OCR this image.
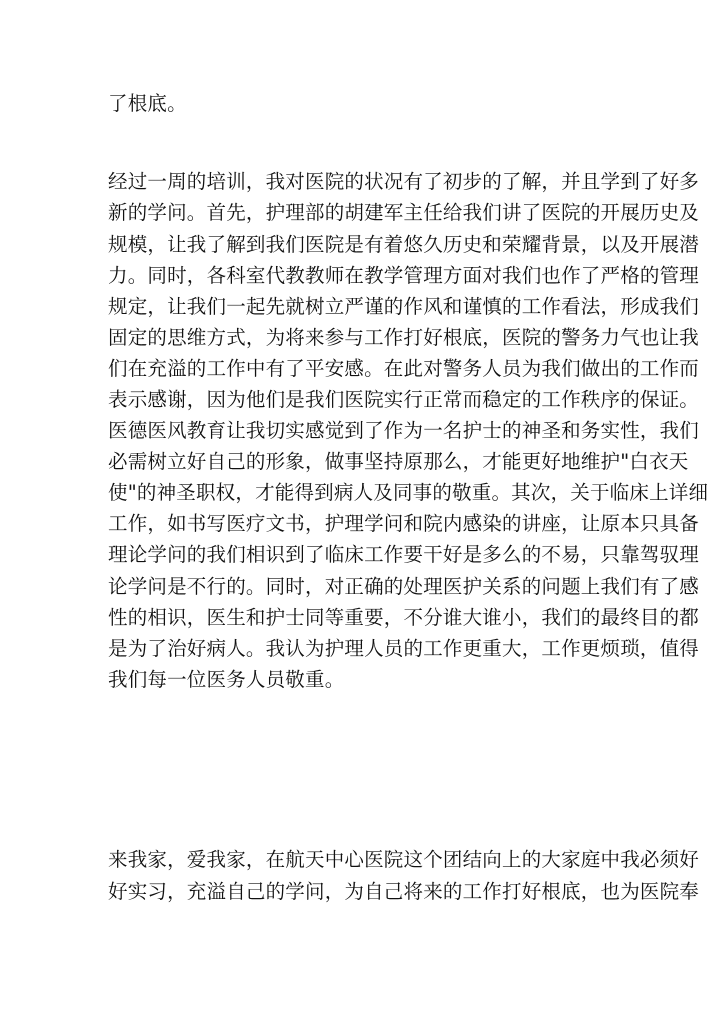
了根底。
经过一周的培训，我对医院的状况有了初步的了解，并且学到了好多
新的学问。首先，护理部的胡建军主任给我们讲了医院的开展历史及
规模，让我了解到我们医院是有着悠久历史和荣耀背景，以及开展潜
力。同时，各科室代教教师在教学管理方面对我们也作了严格的管理
规定，让我们一起先就树立严谨的作风和谨慎的工作看法，形成我们
固定的思维方式，为将来参与工作打好根底，医院的警务力气也让我
们在充溢的工作中有了平安感。在此对警务人员为我们做出的工作而
表示感谢，因为他们是我们医院实行正常而稳定的工作秩序的保证。
医德医风教育让我切实感觉到了作为一名护士的神圣和务实性，我们
必需树立好自己的形象，做事坚持原那么，才能更好地维护"白衣天
使"的神圣职权，才能得到病人及同事的敬重。其次，关于临床上详细
工作，如书写医疗文书，护理学问和院内感染的讲座，让原本只具备
理论学问的我们相识到了临床工作要干好是多么的不易，只靠驾驭理
论学问是不行的。同时，对正确的处理医护关系的问题上我们有了感
性的相识，医生和护士同等重要，不分谁大谁小，我们的最终目的都
是为了治好病人。我认为护理人员的工作更重大，工作更烦琐，值得
我们每一位医务人员敬重。
来我家，爱我家，在航天中心医院这个团结向上的大家庭中我必须好
好实习，充溢自己的学问，为自己将来的工作打好根底，也为医院奉
